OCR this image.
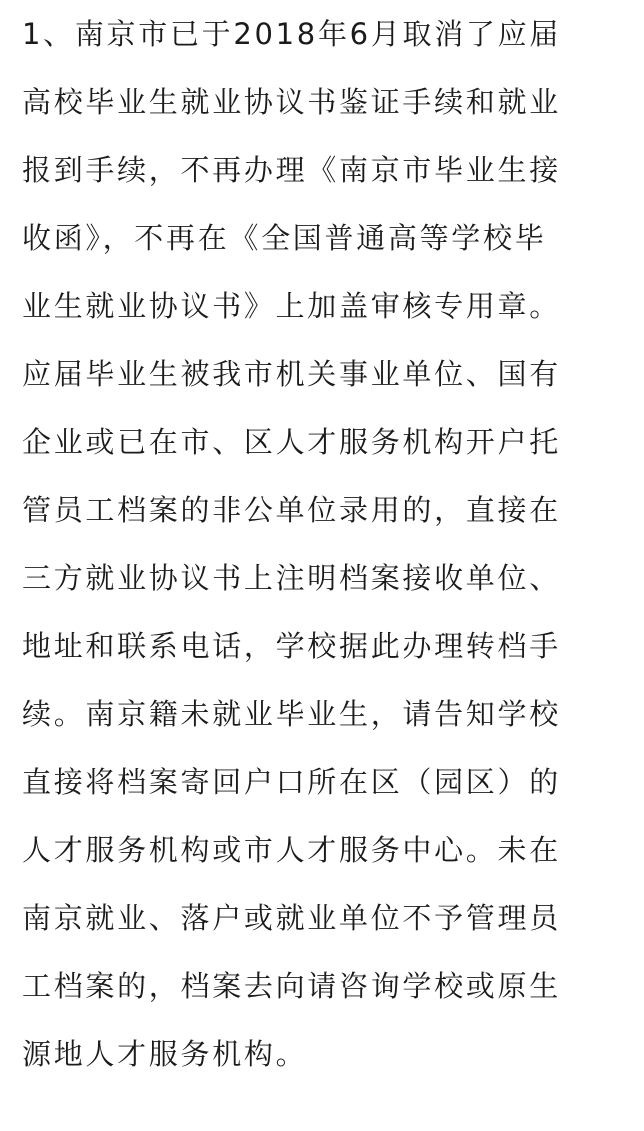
1、南京市已于2018年6月取消了应届
高校毕业生就业协议书鉴证手续和就业
报到手续，不再办理《南京市毕业生接
收函》，不再在《全国普通高等学校毕
业生就业协议书》上加盖审核专用章。
应届毕业生被我市机关事业单位、国有
企业或已在市、区人才服务机构开户托
管员工档案的非公单位录用的，直接在
三方就业协议书上注明档案接收单位、
地址和联系电话，学校据此办理转档手
续。南京籍未就业毕业生，请告知学校
直接将档案寄回户口所在区（园区）的
人才服务机构或市人才服务中心。未在
南京就业、落户或就业单位不予管理员
工档案的，档案去向请咨询学校或原生
源地人才服务机构。
